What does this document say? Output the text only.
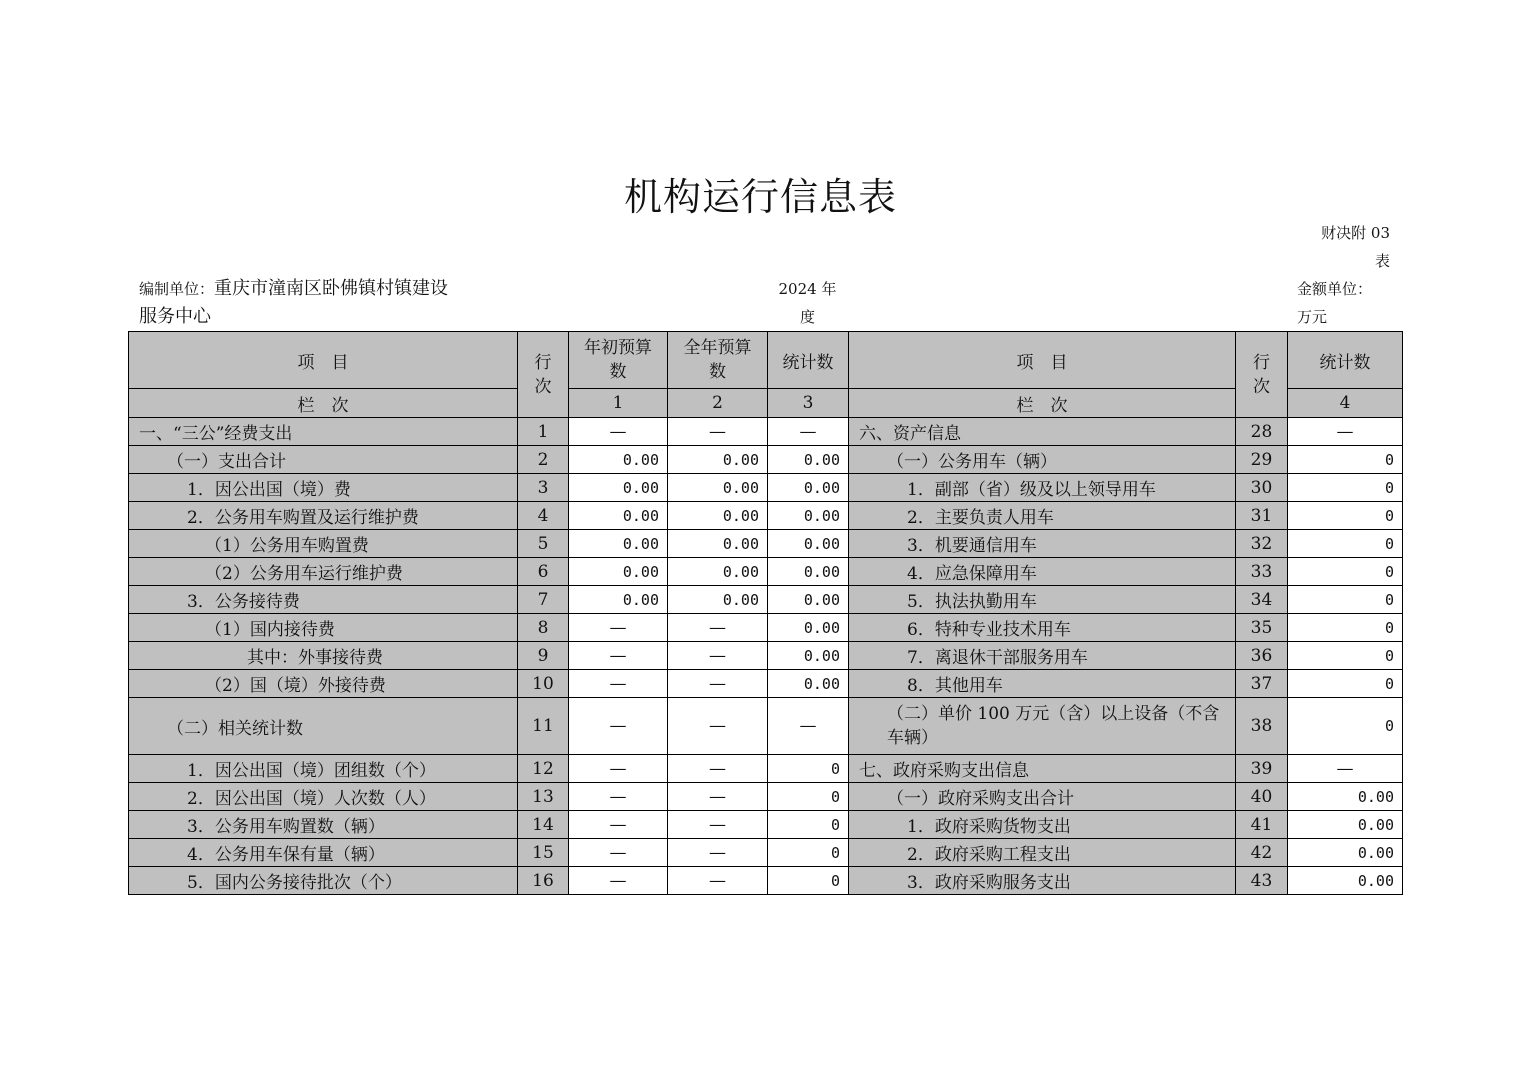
机构运行信息表
财决附 03
表
编制单位：重庆市潼南区卧佛镇村镇建设
服务中心
2024 年
度
金额单位：
万元
项　目	行次	年初预算数	全年预算数	统计数	项　目	行次	统计数
栏　次		1	2	3	栏　次		4
一、“三公”经费支出	1	—	—	—	六、资产信息	28	—
（一）支出合计	2	0.00	0.00	0.00	（一）公务用车（辆）	29	0
1．因公出国（境）费	3	0.00	0.00	0.00	1．副部（省）级及以上领导用车	30	0
2．公务用车购置及运行维护费	4	0.00	0.00	0.00	2．主要负责人用车	31	0
（1）公务用车购置费	5	0.00	0.00	0.00	3．机要通信用车	32	0
（2）公务用车运行维护费	6	0.00	0.00	0.00	4．应急保障用车	33	0
3．公务接待费	7	0.00	0.00	0.00	5．执法执勤用车	34	0
（1）国内接待费	8	—	—	0.00	6．特种专业技术用车	35	0
其中：外事接待费	9	—	—	0.00	7．离退休干部服务用车	36	0
（2）国（境）外接待费	10	—	—	0.00	8．其他用车	37	0
（二）相关统计数	11	—	—	—	（二）单价 100 万元（含）以上设备（不含车辆）	38	0
1．因公出国（境）团组数（个）	12	—	—	0	七、政府采购支出信息	39	—
2．因公出国（境）人次数（人）	13	—	—	0	（一）政府采购支出合计	40	0.00
3．公务用车购置数（辆）	14	—	—	0	1．政府采购货物支出	41	0.00
4．公务用车保有量（辆）	15	—	—	0	2．政府采购工程支出	42	0.00
5．国内公务接待批次（个）	16	—	—	0	3．政府采购服务支出	43	0.00
